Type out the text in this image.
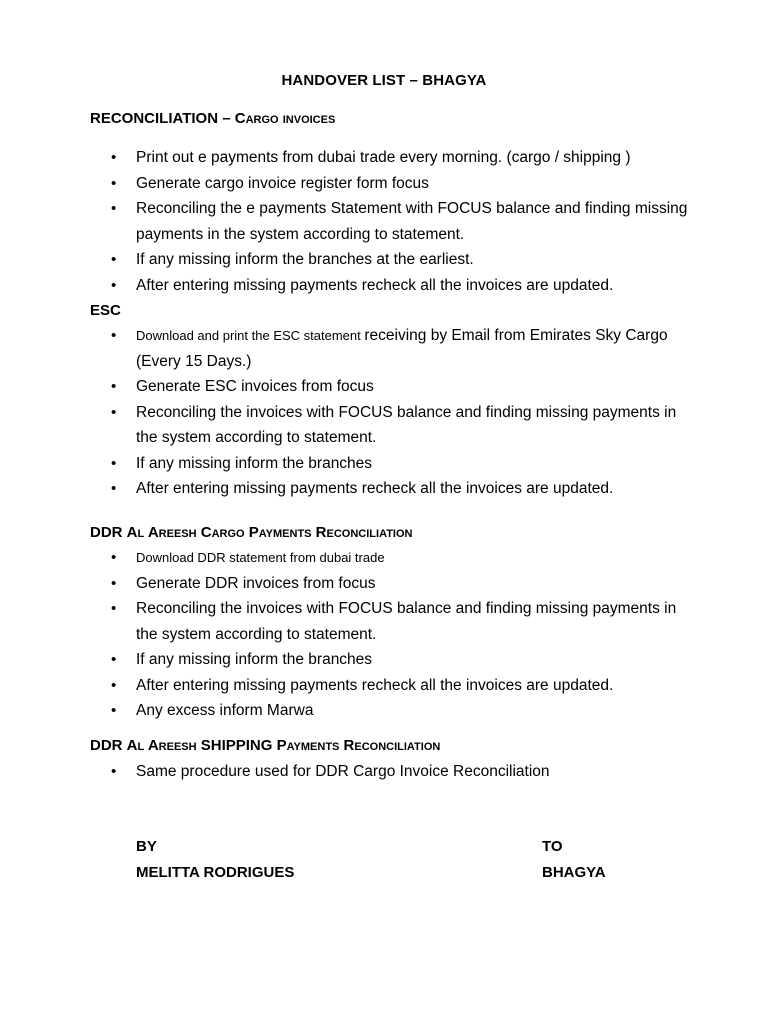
HANDOVER LIST – BHAGYA
RECONCILIATION – Cargo invoices
• Print out e payments from dubai trade every morning. (cargo / shipping )
• Generate cargo invoice register form focus
• Reconciling the e payments Statement with FOCUS balance and finding missing payments in the system according to statement.
• If any missing inform the branches at the earliest.
• After entering missing payments recheck all the invoices are updated.
ESC
• Download and print the ESC statement receiving by Email from Emirates Sky Cargo (Every 15 Days.)
• Generate ESC invoices from focus
• Reconciling the invoices with FOCUS balance and finding missing payments in the system according to statement.
• If any missing inform the branches
• After entering missing payments recheck all the invoices are updated.
DDR Al Areesh Cargo Payments Reconciliation
• Download DDR statement from dubai trade
• Generate DDR invoices from focus
• Reconciling the invoices with FOCUS balance and finding missing payments in the system according to statement.
• If any missing inform the branches
• After entering missing payments recheck all the invoices are updated.
• Any excess inform Marwa
DDR Al Areesh SHIPPING Payments Reconciliation
• Same procedure used for DDR Cargo Invoice Reconciliation
BY
MELITTA RODRIGUES
TO
BHAGYA
